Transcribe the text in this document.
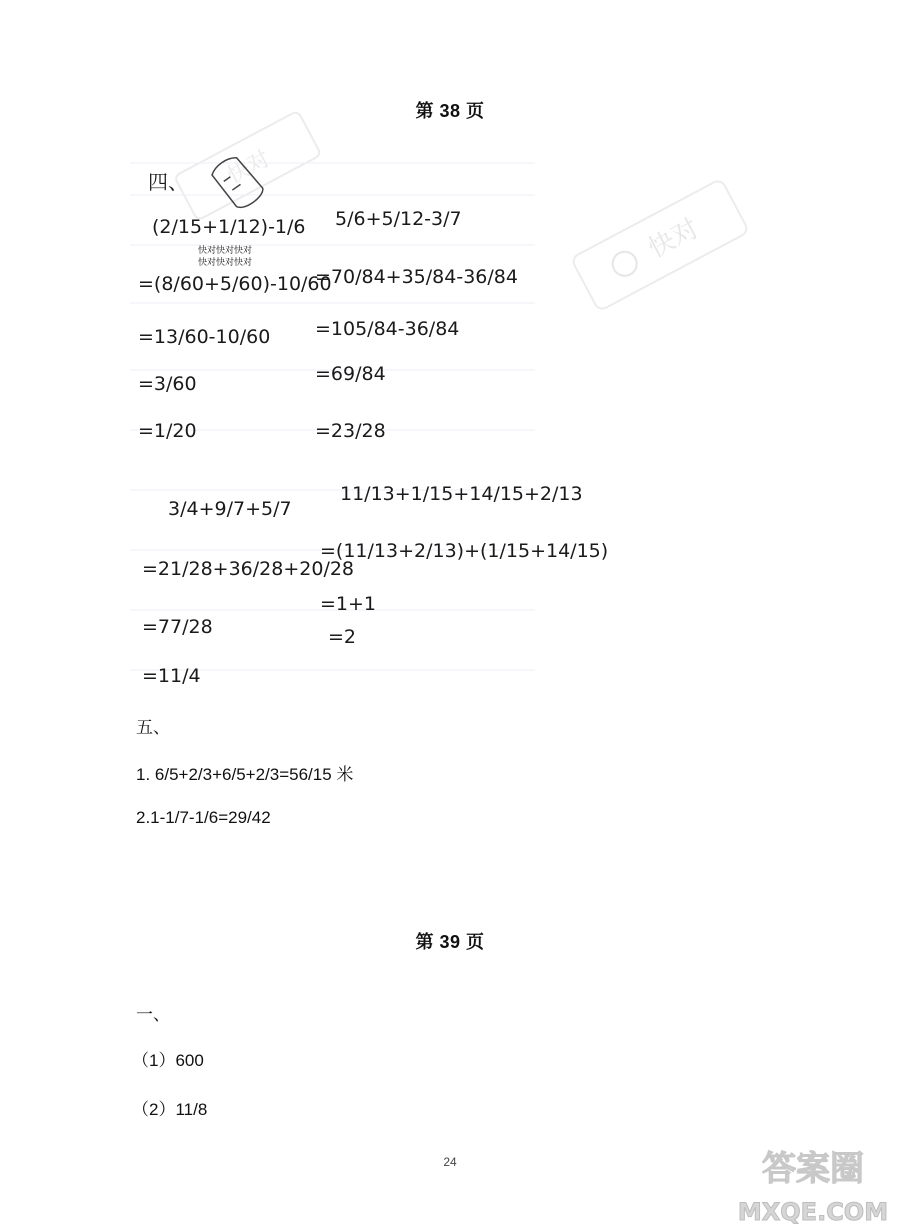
第 38 页
快对
快对
快对快对快对
快对快对快对
四、
(2/15+1/12)-1/6
=(8/60+5/60)-10/60
=13/60-10/60
=3/60
=1/20
5/6+5/12-3/7
=70/84+35/84-36/84
=105/84-36/84
=69/84
=23/28
3/4+9/7+5/7
=21/28+36/28+20/28
=77/28
=11/4
11/13+1/15+14/15+2/13
=(11/13+2/13)+(1/15+14/15)
=1+1
=2
五、
1. 6/5+2/3+6/5+2/3=56/15 米
2.1-1/7-1/6=29/42
第 39 页
一、
（1）600
（2）11/8
24	答案圈
MXQE.COM
